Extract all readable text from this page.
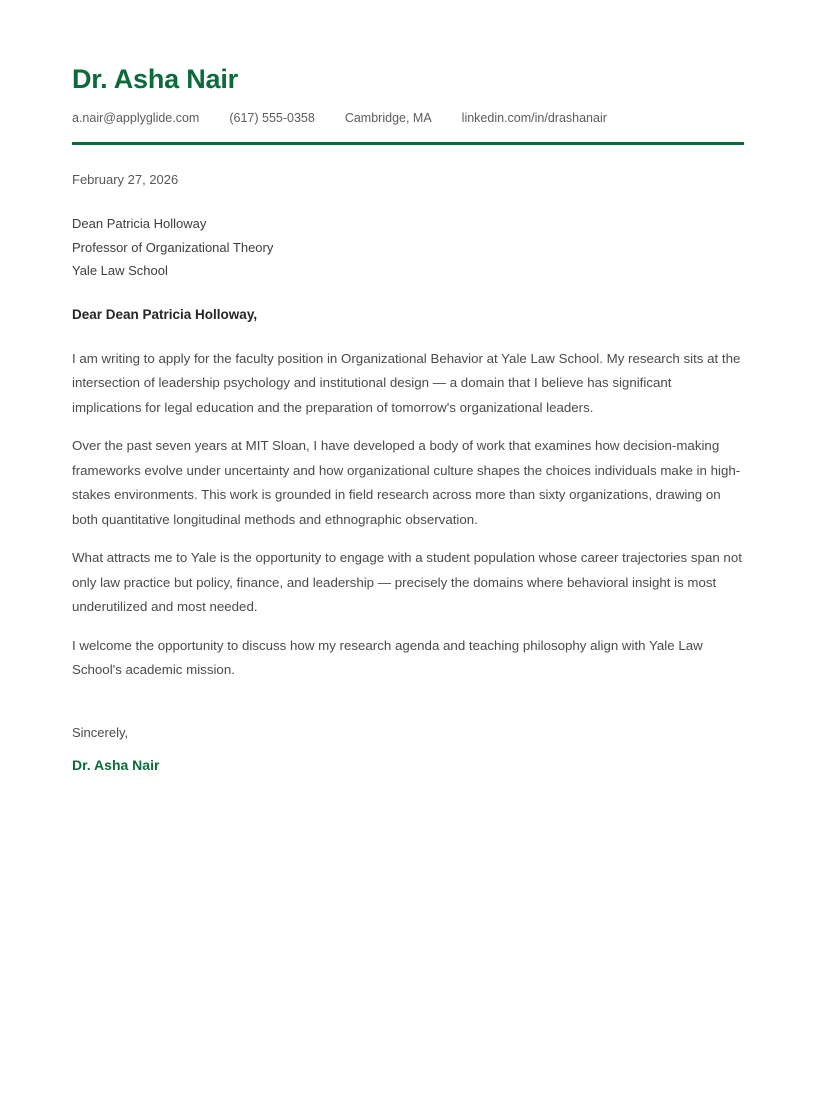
Dr. Asha Nair
a.nair@applyglide.com (617) 555-0358 Cambridge, MA linkedin.com/in/drashanair

February 27, 2026

Dean Patricia Holloway

Professor of Organizational Theory

Yale Law School

Dear Dean Patricia Holloway,

I am writing to apply for the faculty position in Organizational Behavior at Yale Law School. My research sits at the intersection of leadership psychology and institutional design — a domain that I believe has significant implications for legal education and the preparation of tomorrow's organizational leaders.

Over the past seven years at MIT Sloan, I have developed a body of work that examines how decision-making frameworks evolve under uncertainty and how organizational culture shapes the choices individuals make in high-stakes environments. This work is grounded in field research across more than sixty organizations, drawing on both quantitative longitudinal methods and ethnographic observation.

What attracts me to Yale is the opportunity to engage with a student population whose career trajectories span not only law practice but policy, finance, and leadership — precisely the domains where behavioral insight is most underutilized and most needed.

I welcome the opportunity to discuss how my research agenda and teaching philosophy align with Yale Law School's academic mission.

Sincerely,

Dr. Asha Nair
